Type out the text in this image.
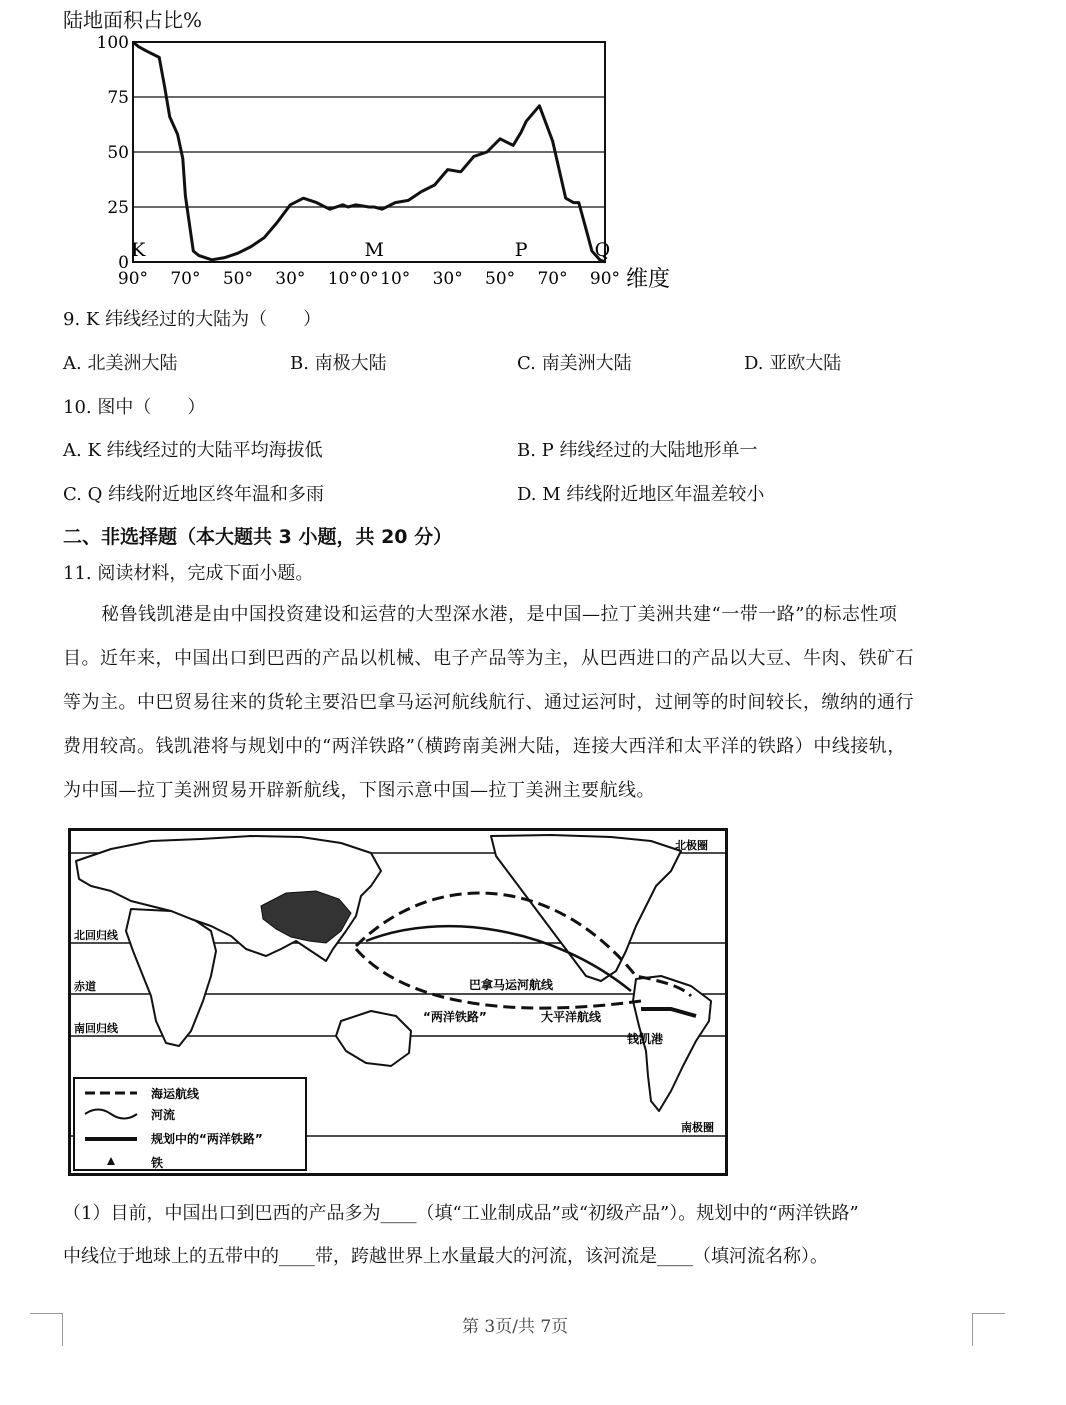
陆地面积占比%
100
75
50
25
0
90° 70° 50° 30° 10° 0° 10° 30° 50° 70° 90°
K	M	P	Q
维度
9. K 纬线经过的大陆为（　　）
A. 北美洲大陆	B. 南极大陆	C. 南美洲大陆	D. 亚欧大陆
10. 图中（　　）
A. K 纬线经过的大陆平均海拔低	B. P 纬线经过的大陆地形单一
C. Q 纬线附近地区终年温和多雨	D. M 纬线附近地区年温差较小
二、非选择题（本大题共 3 小题，共 20 分）
11. 阅读材料，完成下面小题。
秘鲁钱凯港是由中国投资建设和运营的大型深水港，是中国—拉丁美洲共建“一带一路”的标志性项
目。近年来，中国出口到巴西的产品以机械、电子产品等为主，从巴西进口的产品以大豆、牛肉、铁矿石
等为主。中巴贸易往来的货轮主要沿巴拿马运河航线航行、通过运河时，过闸等的时间较长，缴纳的通行
费用较高。钱凯港将与规划中的“两洋铁路”（横跨南美洲大陆，连接大西洋和太平洋的铁路）中线接轨，
为中国—拉丁美洲贸易开辟新航线，下图示意中国—拉丁美洲主要航线。
北极圈
北回归线
赤道
南回归线
南极圈
巴拿马运河航线
“两洋铁路”	大平洋航线
钱凯港
海运航线
河流
规划中的“两洋铁路”
铁
（1）目前，中国出口到巴西的产品多为____（填“工业制成品”或“初级产品”）。规划中的“两洋铁路”
中线位于地球上的五带中的____带，跨越世界上水量最大的河流，该河流是____（填河流名称）。
第 3页/共 7页
